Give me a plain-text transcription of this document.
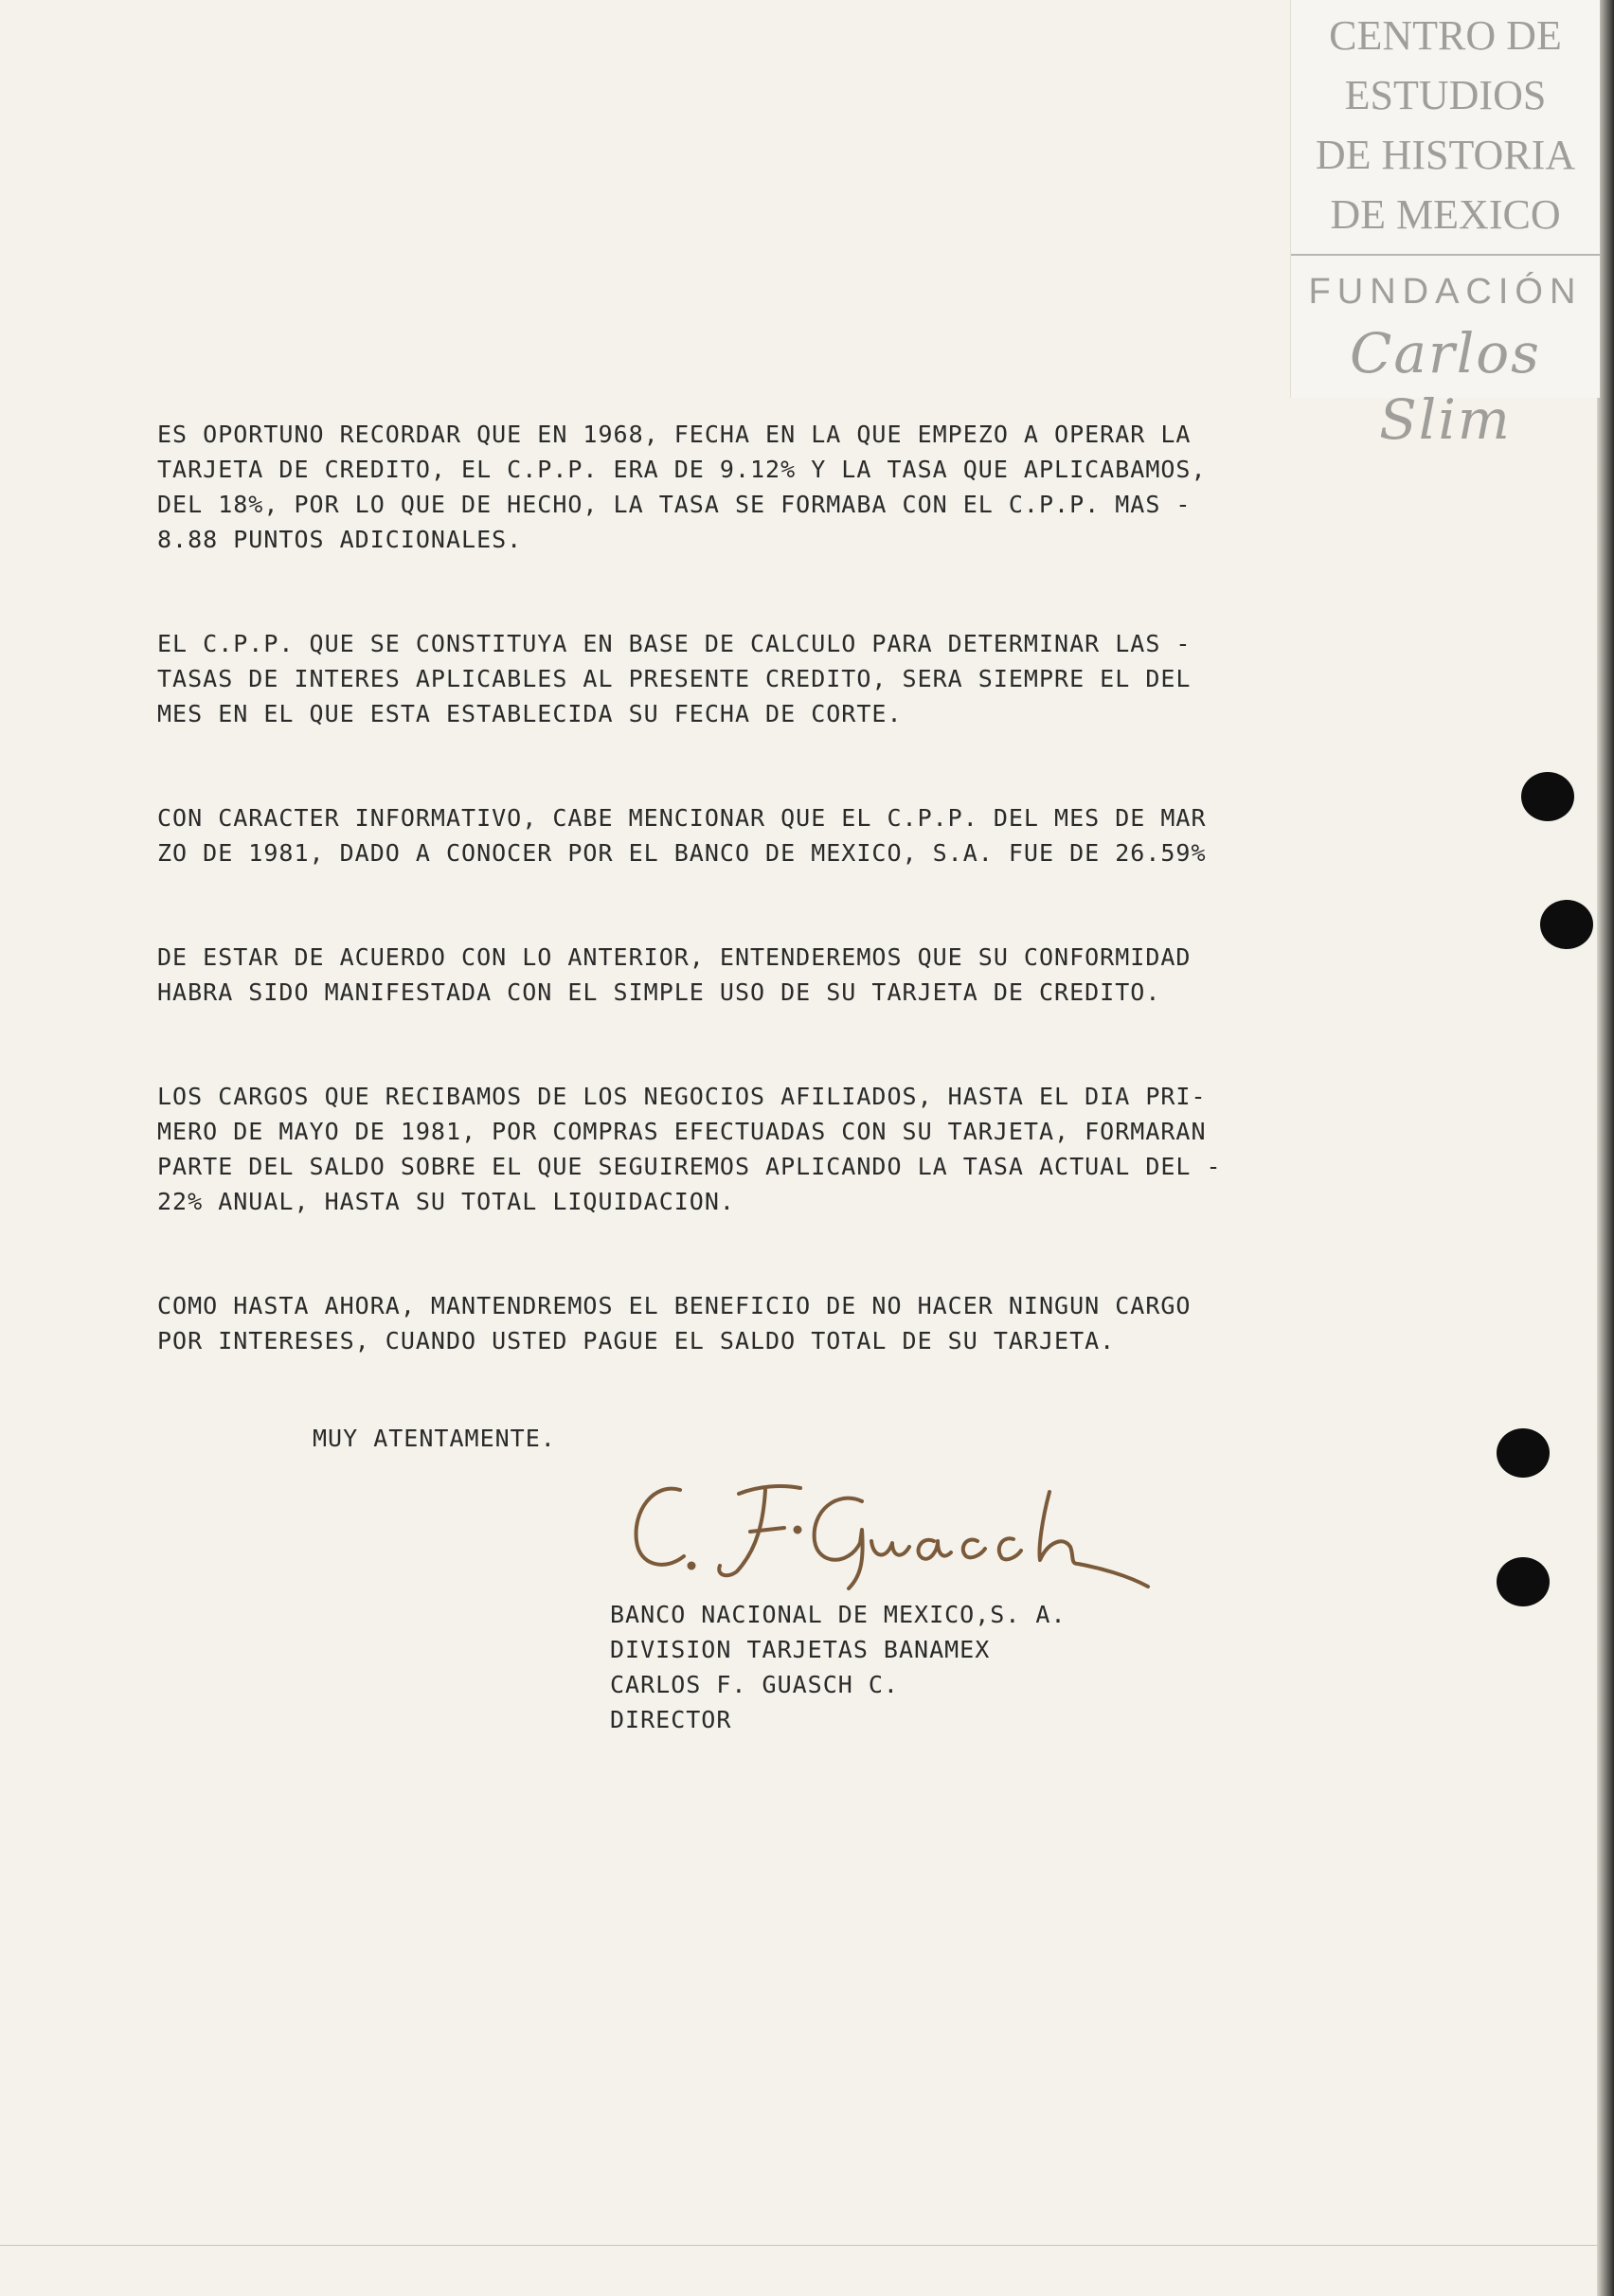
CENTRO DE
ESTUDIOS
DE HISTORIA
DE MEXICO
FUNDACIÓN
Carlos Slim

ES OPORTUNO RECORDAR QUE EN 1968, FECHA EN LA QUE EMPEZO A OPERAR LA
TARJETA DE CREDITO, EL C.P.P. ERA DE 9.12% Y LA TASA QUE APLICABAMOS,
DEL 18%, POR LO QUE DE HECHO, LA TASA SE FORMABA CON EL C.P.P. MAS -
8.88 PUNTOS ADICIONALES.

EL C.P.P. QUE SE CONSTITUYA EN BASE DE CALCULO PARA DETERMINAR LAS -
TASAS DE INTERES APLICABLES AL PRESENTE CREDITO, SERA SIEMPRE EL DEL
MES EN EL QUE ESTA ESTABLECIDA SU FECHA DE CORTE.

CON CARACTER INFORMATIVO, CABE MENCIONAR QUE EL C.P.P. DEL MES DE MAR
ZO DE 1981, DADO A CONOCER POR EL BANCO DE MEXICO, S.A. FUE DE 26.59%

DE ESTAR DE ACUERDO CON LO ANTERIOR, ENTENDEREMOS QUE SU CONFORMIDAD
HABRA SIDO MANIFESTADA CON EL SIMPLE USO DE SU TARJETA DE CREDITO.

LOS CARGOS QUE RECIBAMOS DE LOS NEGOCIOS AFILIADOS, HASTA EL DIA PRI-
MERO DE MAYO DE 1981, POR COMPRAS EFECTUADAS CON SU TARJETA, FORMARAN
PARTE DEL SALDO SOBRE EL QUE SEGUIREMOS APLICANDO LA TASA ACTUAL DEL -
22% ANUAL, HASTA SU TOTAL LIQUIDACION.

COMO HASTA AHORA, MANTENDREMOS EL BENEFICIO DE NO HACER NINGUN CARGO
POR INTERESES, CUANDO USTED PAGUE EL SALDO TOTAL DE SU TARJETA.

MUY ATENTAMENTE.
BANCO NACIONAL DE MEXICO,S. A.
DIVISION TARJETAS BANAMEX
CARLOS F. GUASCH C.
DIRECTOR
